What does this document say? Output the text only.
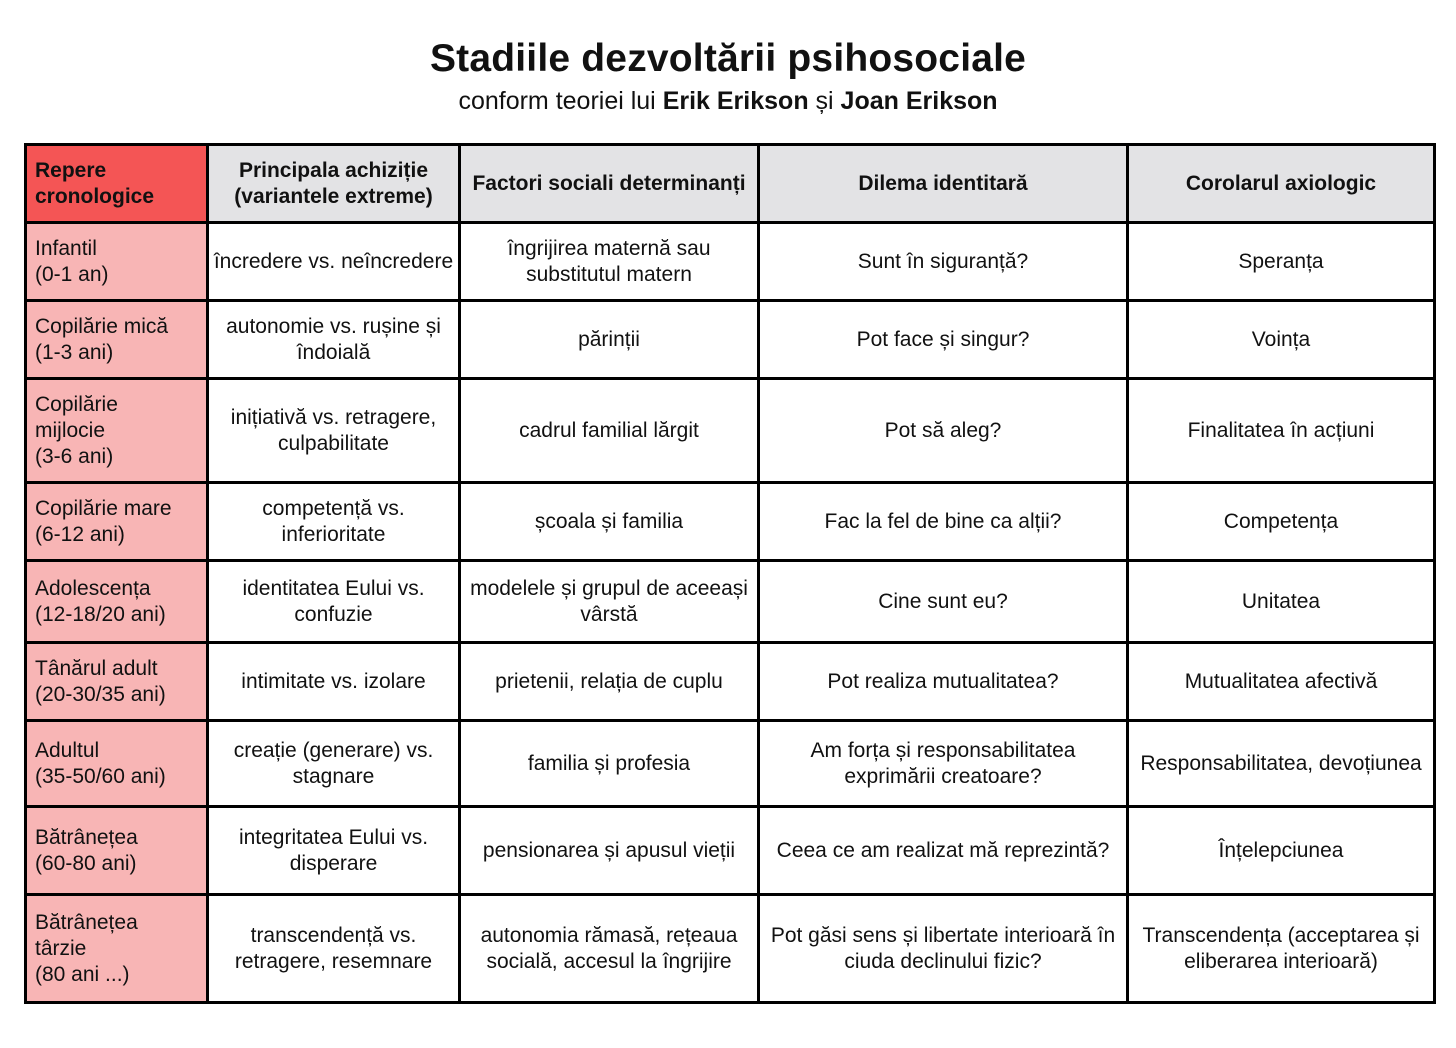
Stadiile dezvoltării psihosociale
conform teoriei lui Erik Erikson și Joan Erikson
Repere cronologice	Principala achiziție (variantele extreme)	Factori sociali determinanți	Dilema identitară	Corolarul axiologic

Infantil
(0-1 an)	încredere vs. neîncredere	îngrijirea maternă sau substitutul matern	Sunt în siguranță?	Speranța

Copilărie mică
(1-3 ani)	autonomie vs. rușine și îndoială	părinții	Pot face și singur?	Voința

Copilărie
mijlocie
(3-6 ani)	inițiativă vs. retragere, culpabilitate	cadrul familial lărgit	Pot să aleg?	Finalitatea în acțiuni

Copilărie mare
(6-12 ani)	competență vs. inferioritate	școala și familia	Fac la fel de bine ca alții?	Competența

Adolescența
(12-18/20 ani)	identitatea Eului vs. confuzie	modelele și grupul de aceeași vârstă	Cine sunt eu?	Unitatea

Tânărul adult
(20-30/35 ani)	intimitate vs. izolare	prietenii, relația de cuplu	Pot realiza mutualitatea?	Mutualitatea afectivă

Adultul
(35-50/60 ani)	creație (generare) vs. stagnare	familia și profesia	Am forța și responsabilitatea exprimării creatoare?	Responsabilitatea, devoțiunea

Bătrânețea
(60-80 ani)	integritatea Eului vs. disperare	pensionarea și apusul vieții	Ceea ce am realizat mă reprezintă?	Înțelepciunea

Bătrânețea
târzie
(80 ani ...)	transcendență vs. retragere, resemnare	autonomia rămasă, rețeaua socială, accesul la îngrijire	Pot găsi sens și libertate interioară în ciuda declinului fizic?	Transcendența (acceptarea și eliberarea interioară)
